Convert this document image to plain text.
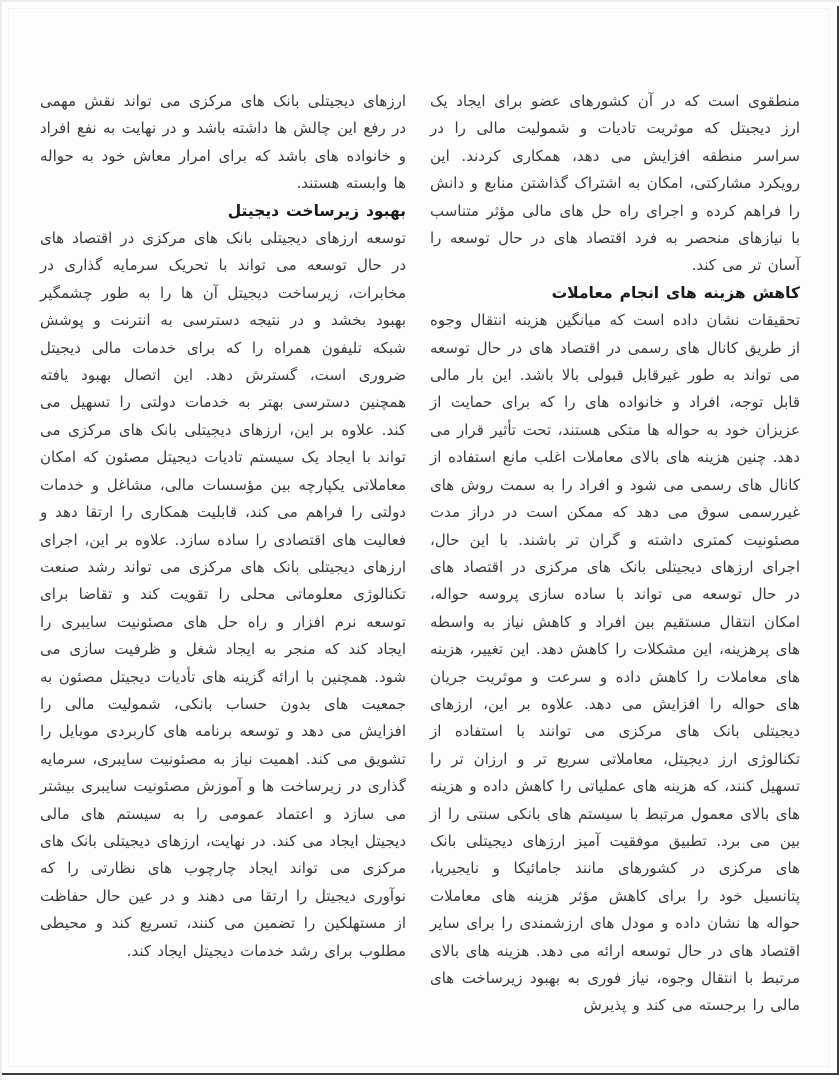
منطقوی است که در آن کشورهای عضو برای ایجاد یک ارز دیجیتل که موثریت تادیات و شمولیت مالی را در سراسر منطقه افزایش می دهد، همکاری کردند. این رویکرد مشارکتی، امکان به اشتراک گذاشتن منابع و دانش را فراهم کرده و اجرای راه حل های مالی مؤثر متناسب با نیازهای منحصر به فرد اقتصاد های در حال توسعه را آسان تر می کند.

کاهش هزینه های انجام معاملات

تحقیقات نشان داده است که میانگین هزینه انتقال وجوه از طریق کانال های رسمی در اقتصاد های در حال توسعه می تواند به طور غیرقابل قبولی بالا باشد. این بار مالی قابل توجه، افراد و خانواده های را که برای حمایت از عزیزان خود به حواله ها متکی هستند، تحت تأثیر قرار می دهد. چنین هزینه های بالای معاملات اغلب مانع استفاده از کانال های رسمی می شود و افراد را به سمت روش های غیررسمی سوق می دهد که ممکن است در دراز مدت مصئونیت کمتری داشته و گران تر باشند. با این حال، اجرای ارزهای دیجیتلی بانک های مرکزی در اقتصاد های در حال توسعه می تواند با ساده سازی پروسه حواله، امکان انتقال مستقیم بین افراد و کاهش نیاز به واسطه های پرهزینه، این مشکلات را کاهش دهد. این تغییر، هزینه های معاملات را کاهش داده و سرعت و موثریت جریان های حواله را افزایش می دهد. علاوه بر این، ارزهای دیجیتلی بانک های مرکزی می توانند با استفاده از تکنالوژی ارز دیجیتل، معاملاتی سریع تر و ارزان تر را تسهیل کنند، که هزینه های عملیاتی را کاهش داده و هزینه های بالای معمول مرتبط با سیستم های بانکی سنتی را از بین می برد. تطبیق موفقیت آمیز ارزهای دیجیتلی بانک های مرکزی در کشورهای مانند جامائیکا و نایجیریا، پتانسیل خود را برای کاهش مؤثر هزینه های معاملات حواله ها نشان داده و مودل های ارزشمندی را برای سایر اقتصاد های در حال توسعه ارائه می دهد. هزینه های بالای مرتبط با انتقال وجوه، نیاز فوری به بهبود زیرساخت های مالی را برجسته می کند و پذیرش

ارزهای دیجیتلی بانک های مرکزی می تواند نقش مهمی در رفع این چالش ها داشته باشد و در نهایت به نفع افراد و خانواده های باشد که برای امرار معاش خود به حواله ها وابسته هستند.

بهبود زیرساخت دیجیتل

توسعه ارزهای دیجیتلی بانک های مرکزی در اقتصاد های در حال توسعه می تواند با تحریک سرمایه گذاری در مخابرات، زیرساخت دیجیتل آن ها را به طور چشمگیر بهبود بخشد و در نتیجه دسترسی به انترنت و پوشش شبکه تلیفون همراه را که برای خدمات مالی دیجیتل ضروری است، گسترش دهد. این اتصال بهبود یافته همچنین دسترسی بهتر به خدمات دولتی را تسهیل می کند. علاوه بر این، ارزهای دیجیتلی بانک های مرکزی می تواند با ایجاد یک سیستم تادیات دیجیتل مصئون که امکان معاملاتی یکپارچه بین مؤسسات مالی، مشاغل و خدمات دولتی را فراهم می کند، قابلیت همکاری را ارتقا دهد و فعالیت های اقتصادی را ساده سازد. علاوه بر این، اجرای ارزهای دیجیتلی بانک های مرکزی می تواند رشد صنعت تکنالوژی معلوماتی محلی را تقویت کند و تقاضا برای توسعه نرم افزار و راه حل های مصئونیت سایبری را ایجاد کند که منجر به ایجاد شغل و ظرفیت سازی می شود. همچنین با ارائه گزینه های تأدیات دیجیتل مصئون به جمعیت های بدون حساب بانکی، شمولیت مالی را افزایش می دهد و توسعه برنامه های کاربردی موبایل را تشویق می کند. اهمیت نیاز به مصئونیت سایبری، سرمایه گذاری در زیرساخت ها و آموزش مصئونیت سایبری بیشتر می سازد و اعتماد عمومی را به سیستم های مالی دیجیتل ایجاد می کند. در نهایت، ارزهای دیجیتلی بانک های مرکزی می تواند ایجاد چارچوب های نظارتی را که نوآوری دیجیتل را ارتقا می دهند و در عین حال حفاظت از مستهلکین را تضمین می کنند، تسریع کند و محیطی مطلوب برای رشد خدمات دیجیتل ایجاد کند.
